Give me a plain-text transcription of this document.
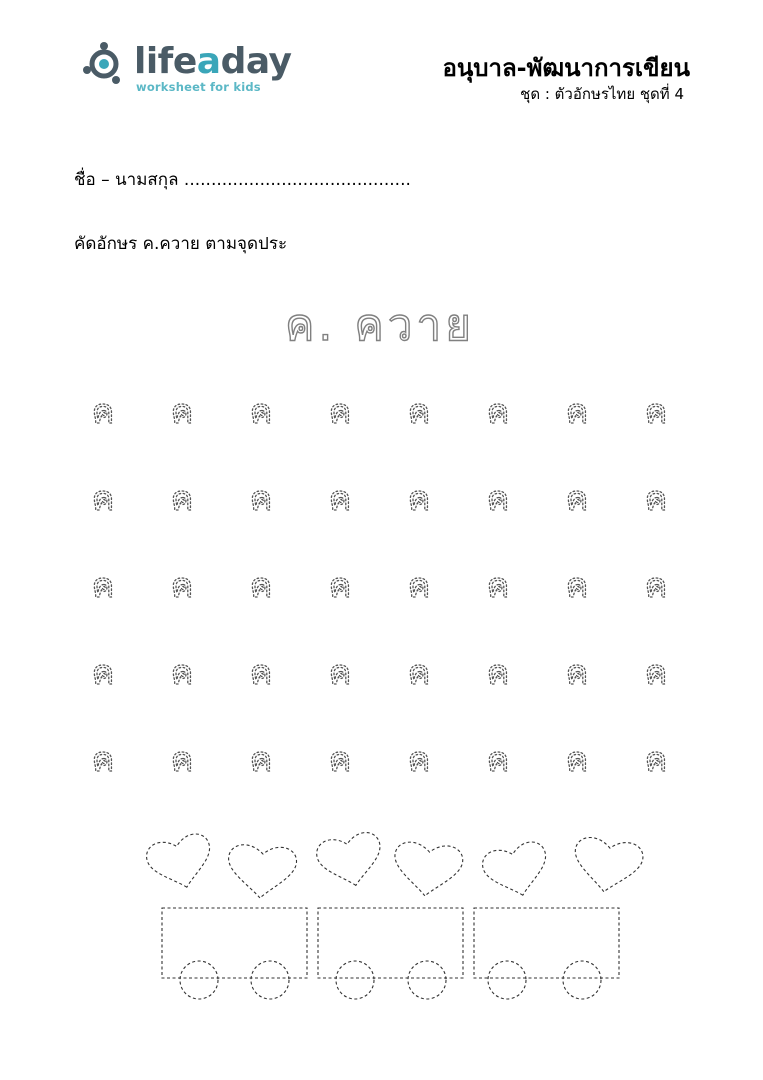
lifeaday
worksheet for kids
อนุบาล-พัฒนาการเขียน
ชุด : ตัวอักษรไทย ชุดที่ 4
ชื่อ – นามสกุล ..........................................
คัดอักษร ค.ควาย ตามจุดประ
ค. ควาย
ค ค ค ค ค ค ค ค
ค ค ค ค ค ค ค ค
ค ค ค ค ค ค ค ค
ค ค ค ค ค ค ค ค
ค ค ค ค ค ค ค ค
